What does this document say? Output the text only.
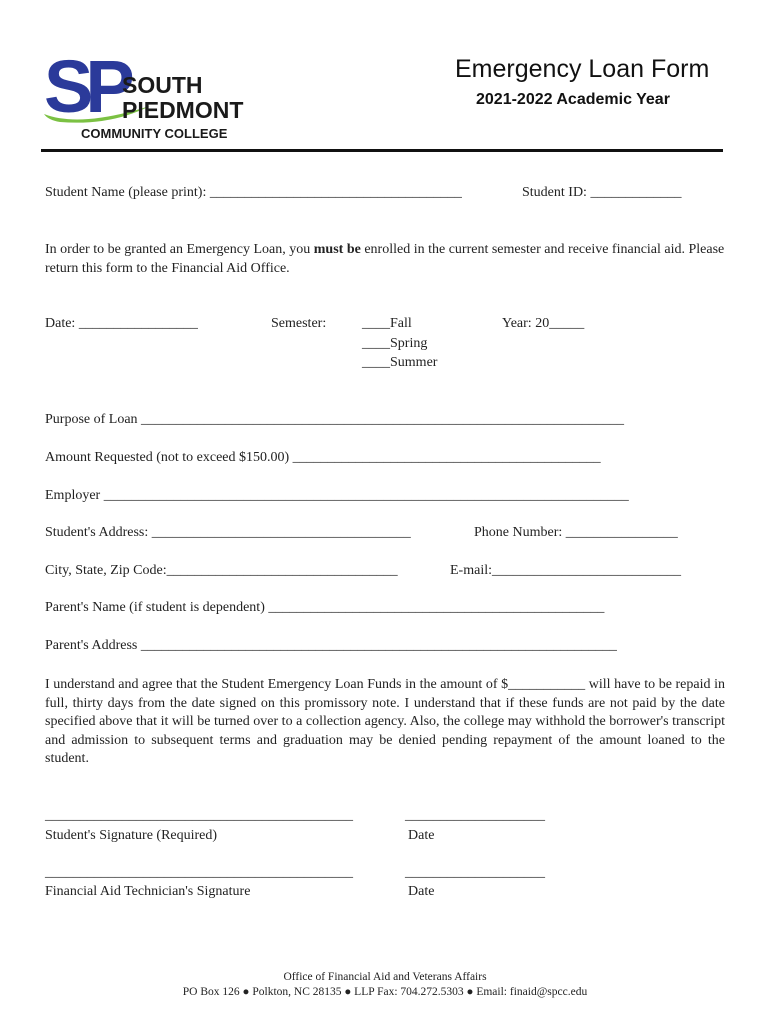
SP
SOUTH
PIEDMONT
COMMUNITY COLLEGE
Emergency Loan Form
2021-2022 Academic Year
Student Name (please print): ____________________________________	Student ID: _____________
In order to be granted an Emergency Loan, you must be enrolled in the current semester and receive financial aid. Please return this form to the Financial Aid Office.
Date: _________________	Semester:	____Fall
____Spring
____Summer
Year: 20_____
Purpose of Loan _____________________________________________________________________
Amount Requested (not to exceed $150.00) ____________________________________________
Employer ___________________________________________________________________________
Student's Address: _____________________________________	Phone Number: ________________
City, State, Zip Code:_________________________________	E-mail:___________________________
Parent's Name (if student is dependent) ________________________________________________
Parent's Address ____________________________________________________________________
I understand and agree that the Student Emergency Loan Funds in the amount of $___________ will have to be repaid in full, thirty days from the date signed on this promissory note. I understand that if these funds are not paid by the date specified above that it will be turned over to a collection agency. Also, the college may withhold the borrower's transcript and admission to subsequent terms and graduation may be denied pending repayment of the amount loaned to the student.
____________________________________________	____________________
Student's Signature (Required)	Date
____________________________________________	____________________
Financial Aid Technician's Signature	Date
Office of Financial Aid and Veterans Affairs
PO Box 126 ● Polkton, NC 28135 ● LLP Fax: 704.272.5303 ● Email: finaid@spcc.edu
